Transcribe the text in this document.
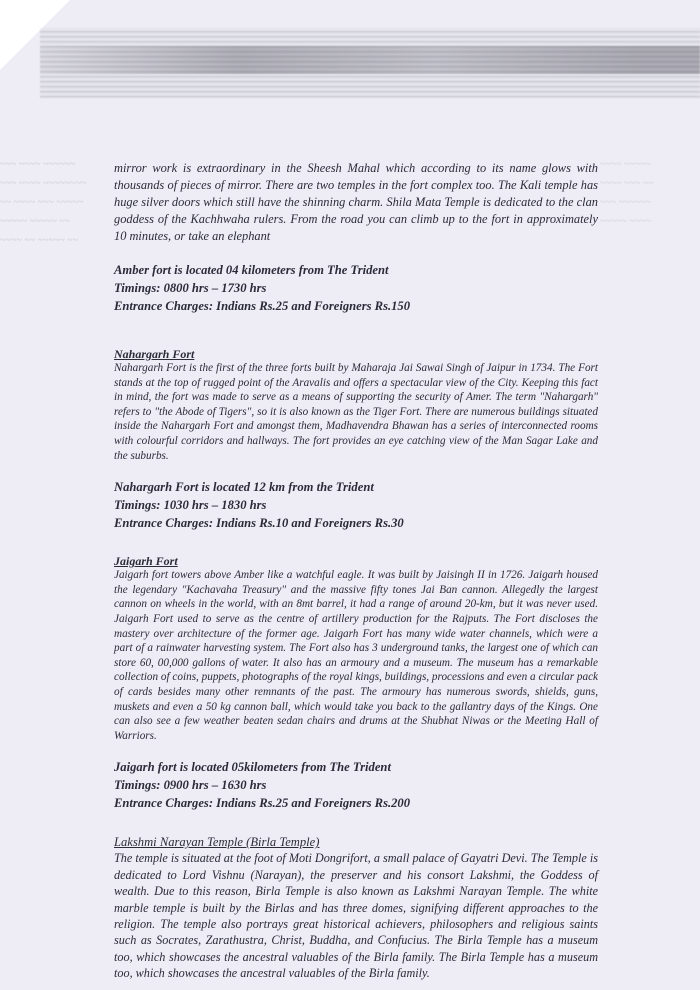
~~~ ~~~~ ~~~~~~
~~~ ~~~~ ~~~~~~~~
~~ ~~~~ ~~~ ~~~~~
~~~~~ ~~~~~ ~~
~~~~ ~~ ~~~~~ ~~
~~~~ ~~~~~
~~~~ ~~~ ~~
~~~ ~~~~~~
~~~~~ ~~~~

mirror work is extraordinary in the Sheesh Mahal which according to its name glows with thousands of pieces of mirror. There are two temples in the fort complex too. The Kali temple has huge silver doors which still have the shinning charm. Shila Mata Temple is dedicated to the clan goddess of the Kachhwaha rulers. From the road you can climb up to the fort in approximately 10 minutes, or take an elephant

Amber fort is located 04 kilometers from The Trident
Timings: 0800 hrs – 1730 hrs
Entrance Charges: Indians Rs.25 and Foreigners Rs.150

Nahargarh Fort

Nahargarh Fort is the first of the three forts built by Maharaja Jai Sawai Singh of Jaipur in 1734. The Fort stands at the top of rugged point of the Aravalis and offers a spectacular view of the City. Keeping this fact in mind, the fort was made to serve as a means of supporting the security of Amer. The term "Nahargarh" refers to "the Abode of Tigers", so it is also known as the Tiger Fort. There are numerous buildings situated inside the Nahargarh Fort and amongst them, Madhavendra Bhawan has a series of interconnected rooms with colourful corridors and hallways. The fort provides an eye catching view of the Man Sagar Lake and the suburbs.

Nahargarh Fort is located 12 km from the Trident
Timings: 1030 hrs – 1830 hrs
Entrance Charges: Indians Rs.10 and Foreigners Rs.30

Jaigarh Fort

Jaigarh fort towers above Amber like a watchful eagle. It was built by Jaisingh II in 1726. Jaigarh housed the legendary "Kachavaha Treasury" and the massive fifty tones Jai Ban cannon. Allegedly the largest cannon on wheels in the world, with an 8mt barrel, it had a range of around 20-km, but it was never used. Jaigarh Fort used to serve as the centre of artillery production for the Rajputs. The Fort discloses the mastery over architecture of the former age. Jaigarh Fort has many wide water channels, which were a part of a rainwater harvesting system. The Fort also has 3 underground tanks, the largest one of which can store 60, 00,000 gallons of water. It also has an armoury and a museum. The museum has a remarkable collection of coins, puppets, photographs of the royal kings, buildings, processions and even a circular pack of cards besides many other remnants of the past. The armoury has numerous swords, shields, guns, muskets and even a 50 kg cannon ball, which would take you back to the gallantry days of the Kings. One can also see a few weather beaten sedan chairs and drums at the Shubhat Niwas or the Meeting Hall of Warriors.

Jaigarh fort is located 05kilometers from The Trident
Timings: 0900 hrs – 1630 hrs
Entrance Charges: Indians Rs.25 and Foreigners Rs.200

Lakshmi Narayan Temple (Birla Temple)

The temple is situated at the foot of Moti Dongrifort, a small palace of Gayatri Devi. The Temple is dedicated to Lord Vishnu (Narayan), the preserver and his consort Lakshmi, the Goddess of wealth. Due to this reason, Birla Temple is also known as Lakshmi Narayan Temple. The white marble temple is built by the Birlas and has three domes, signifying different approaches to the religion. The temple also portrays great historical achievers, philosophers and religious saints such as Socrates, Zarathustra, Christ, Buddha, and Confucius. The Birla Temple has a museum too, which showcases the ancestral valuables of the Birla family. The Birla Temple has a museum too, which showcases the ancestral valuables of the Birla family.
